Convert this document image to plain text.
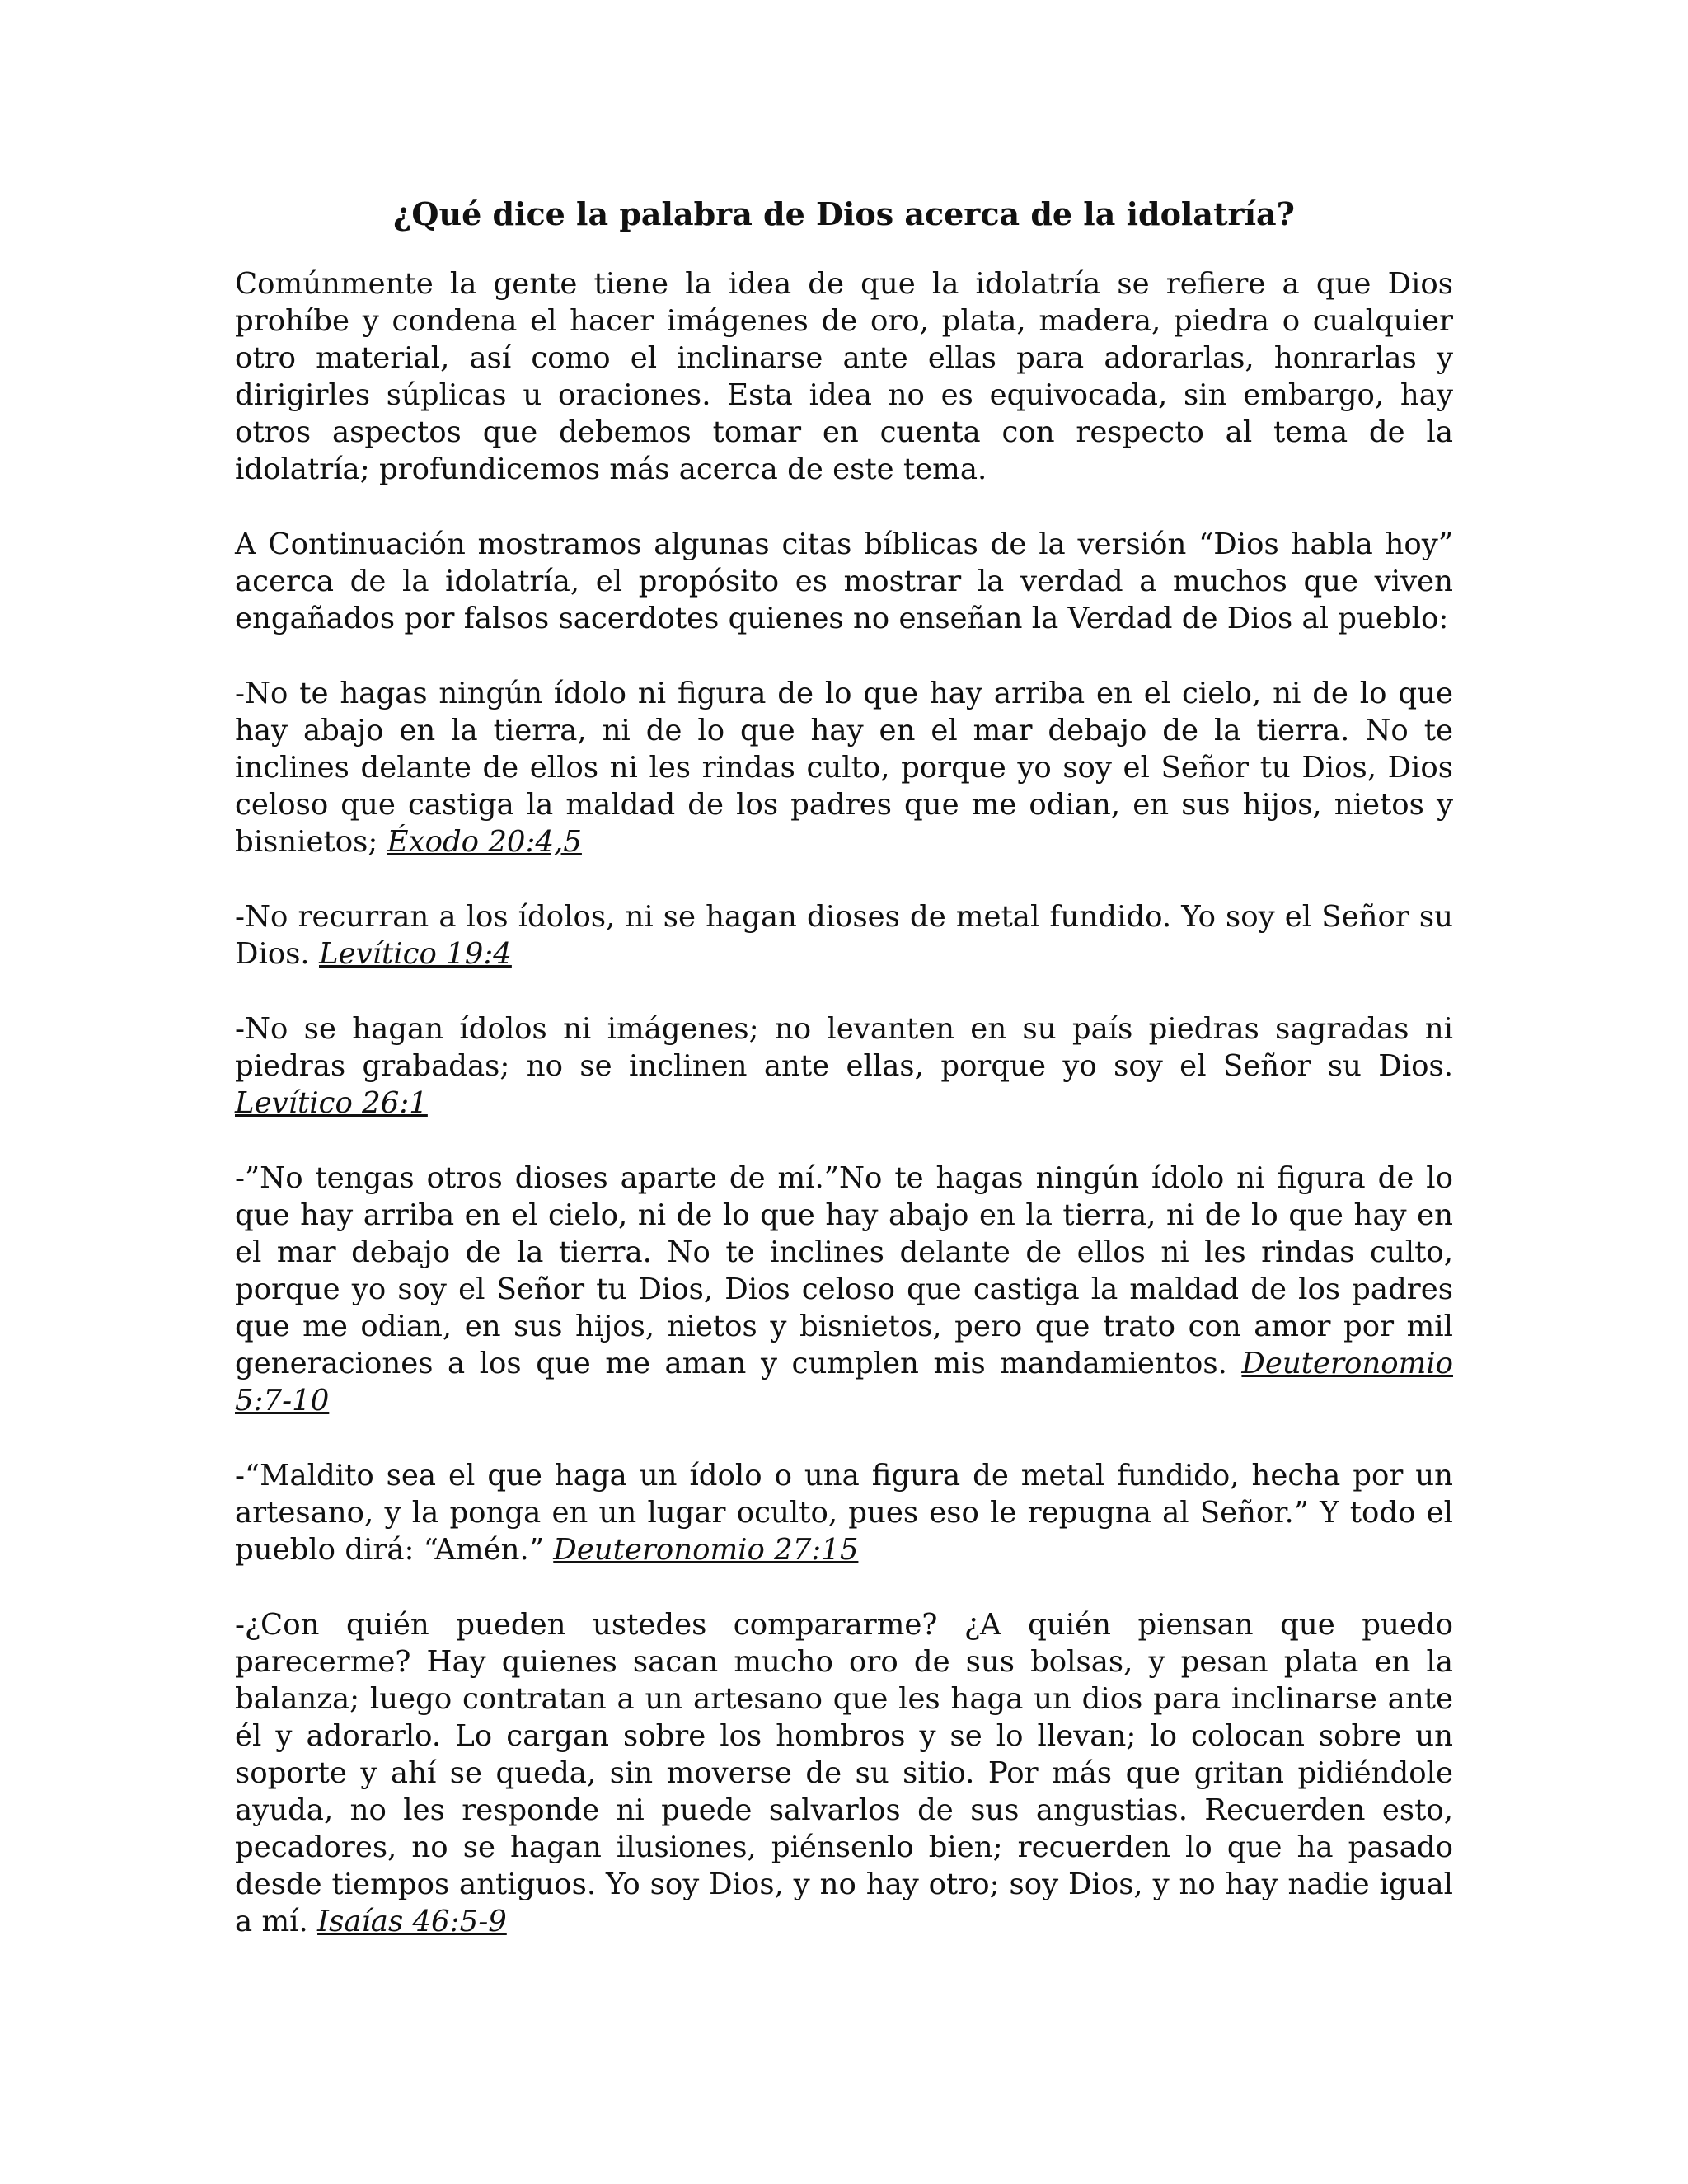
¿Qué dice la palabra de Dios acerca de la idolatría?

Comúnmente la gente tiene la idea de que la idolatría se refiere a que Dios prohíbe y condena el hacer imágenes de oro, plata, madera, piedra o cualquier otro material, así como el inclinarse ante ellas para adorarlas, honrarlas y dirigirles súplicas u oraciones. Esta idea no es equivocada, sin embargo, hay otros aspectos que debemos tomar en cuenta con respecto al tema de la idolatría; profundicemos más acerca de este tema.

A Continuación mostramos algunas citas bíblicas de la versión “Dios habla hoy” acerca de la idolatría, el propósito es mostrar la verdad a muchos que viven engañados por falsos sacerdotes quienes no enseñan la Verdad de Dios al pueblo:

-No te hagas ningún ídolo ni figura de lo que hay arriba en el cielo, ni de lo que hay abajo en la tierra, ni de lo que hay en el mar debajo de la tierra. No te inclines delante de ellos ni les rindas culto, porque yo soy el Señor tu Dios, Dios celoso que castiga la maldad de los padres que me odian, en sus hijos, nietos y bisnietos; Éxodo 20:4,5

-No recurran a los ídolos, ni se hagan dioses de metal fundido. Yo soy el Señor su Dios. Levítico 19:4

-No se hagan ídolos ni imágenes; no levanten en su país piedras sagradas ni piedras grabadas; no se inclinen ante ellas, porque yo soy el Señor su Dios. Levítico 26:1

-”No tengas otros dioses aparte de mí.”No te hagas ningún ídolo ni figura de lo que hay arriba en el cielo, ni de lo que hay abajo en la tierra, ni de lo que hay en el mar debajo de la tierra. No te inclines delante de ellos ni les rindas culto, porque yo soy el Señor tu Dios, Dios celoso que castiga la maldad de los padres que me odian, en sus hijos, nietos y bisnietos, pero que trato con amor por mil generaciones a los que me aman y cumplen mis mandamientos. Deuteronomio 5:7-10

-“Maldito sea el que haga un ídolo o una figura de metal fundido, hecha por un artesano, y la ponga en un lugar oculto, pues eso le repugna al Señor.” Y todo el pueblo dirá: “Amén.” Deuteronomio 27:15

-¿Con quién pueden ustedes compararme? ¿A quién piensan que puedo parecerme? Hay quienes sacan mucho oro de sus bolsas, y pesan plata en la balanza; luego contratan a un artesano que les haga un dios para inclinarse ante él y adorarlo. Lo cargan sobre los hombros y se lo llevan; lo colocan sobre un soporte y ahí se queda, sin moverse de su sitio. Por más que gritan pidiéndole ayuda, no les responde ni puede salvarlos de sus angustias. Recuerden esto, pecadores, no se hagan ilusiones, piénsenlo bien; recuerden lo que ha pasado desde tiempos antiguos. Yo soy Dios, y no hay otro; soy Dios, y no hay nadie igual a mí. Isaías 46:5-9
